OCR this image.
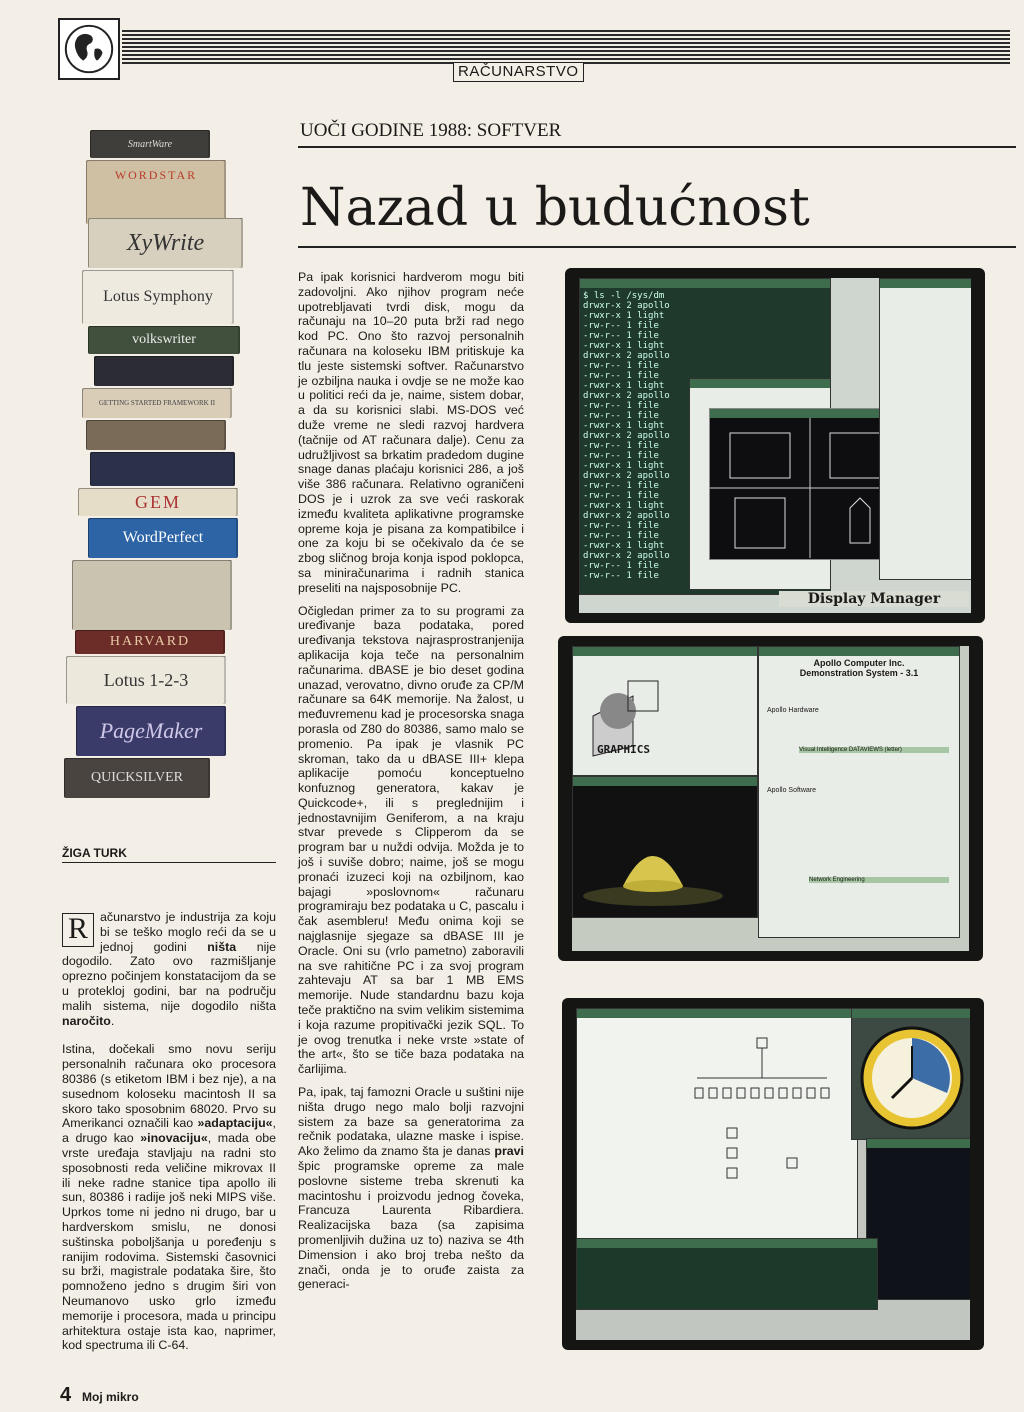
RAČUNARSTVO
UOČI GODINE 1988: SOFTVER
Nazad u budućnost
SmartWare
WORDSTAR
XyWrite
Lotus Symphony
volkswriter
GETTING STARTED FRAMEWORK II
GEM
WordPerfect
HARVARD
Lotus 1-2-3
PageMaker
QUICKSILVER
ŽIGA TURK

R ačunarstvo je industrija za koju bi se teško moglo reći da se u jednoj godini ništa nije dogodilo. Zato ovo razmišljanje oprezno počinjem konstatacijom da se u protekloj godini, bar na području malih sistema, nije dogodilo ništa naročito.

Istina, dočekali smo novu seriju personalnih računara oko procesora 80386 (s etiketom IBM i bez nje), a na susednom koloseku macintosh II sa skoro tako sposobnim 68020. Prvo su Amerikanci označili kao »adaptaciju«, a drugo kao »inovaciju«, mada obe vrste uređaja stavljaju na radni sto sposobnosti reda veličine mikrovax II ili neke radne stanice tipa apollo ili sun, 80386 i radije još neki MIPS više. Uprkos tome ni jedno ni drugo, bar u hardverskom smislu, ne donosi suštinska poboljšanja u poređenju s ranijim rodovima. Sistemski časovnici su brži, magistrale podataka šire, što pomnoženo jedno s drugim širi von Neumanovo usko grlo između memorije i procesora, mada u principu arhitektura ostaje ista kao, naprimer, kod spectruma ili C-64.

Pa ipak korisnici hardverom mogu biti zadovoljni. Ako njihov program neće upotrebljavati tvrdi disk, mogu da računaju na 10–20 puta brži rad nego kod PC. Ono što razvoj personalnih računara na koloseku IBM pritiskuje ka tlu jeste sistemski softver. Računarstvo je ozbiljna nauka i ovdje se ne može kao u politici reći da je, naime, sistem dobar, a da su korisnici slabi. MS-DOS već duže vreme ne sledi razvoj hardvera (tačnije od AT računara dalje). Cenu za udružljivost sa brkatim pradedom dugine snage danas plaćaju korisnici 286, a još više 386 računara. Relativno ograničeni DOS je i uzrok za sve veći raskorak između kvaliteta aplikativne programske opreme koja je pisana za kompatibilce i one za koju bi se očekivalo da će se zbog sličnog broja konja ispod poklopca, sa miniračunarima i radnih stanica preseliti na najsposobnije PC.

Očigledan primer za to su programi za uređivanje baza podataka, pored uređivanja tekstova najrasprostranjenija aplikacija koja teče na personalnim računarima. dBASE je bio deset godina unazad, verovatno, divno oruđe za CP/M računare sa 64K memorije. Na žalost, u međuvremenu kad je procesorska snaga porasla od Z80 do 80386, samo malo se promenio. Pa ipak je vlasnik PC skroman, tako da u dBASE III+ klepa aplikacije pomoću konceptuelno konfuznog generatora, kakav je Quickcode+, ili s preglednijim i jednostavnijim Geniferom, a na kraju stvar prevede s Clipperom da se program bar u nuždi odvija. Možda je to još i suviše dobro; naime, još se mogu pronaći izuzeci koji na ozbiljnom, kao bajagi »poslovnom« računaru programiraju bez podataka u C, pascalu i čak asembleru! Među onima koji se najglasnije sjegaze sa dBASE III je Oracle. Oni su (vrlo pametno) zaboravili na sve rahitične PC i za svoj program zahtevaju AT sa bar 1 MB EMS memorije. Nude standardnu bazu koja teče praktično na svim velikim sistemima i koja razume propitivački jezik SQL. To je ovog trenutka i neke vrste »state of the art«, što se tiče baza podataka na čarlijima.

Pa, ipak, taj famozni Oracle u suštini nije ništa drugo nego malo bolji razvojni sistem za baze sa generatorima za rečnik podataka, ulazne maske i ispise. Ako želimo da znamo šta je danas pravi špic programske opreme za male poslovne sisteme treba skrenuti ka macintoshu i proizvodu jednog čoveka, Francuza Laurenta Ribardiera. Realizacijska baza (sa zapisima promenljivih dužina uz to) naziva se 4th Dimension i ako broj treba nešto da znači, onda je to oruđe zaista za generaci-

$ ls -l /sys/dm
drwxr-x 2 apollo
-rwxr-x 1 light
-rw-r-- 1 file
-rw-r-- 1 file
-rwxr-x 1 light
drwxr-x 2 apollo
-rw-r-- 1 file
-rw-r-- 1 file
-rwxr-x 1 light
drwxr-x 2 apollo
-rw-r-- 1 file
-rw-r-- 1 file
-rwxr-x 1 light
drwxr-x 2 apollo
-rw-r-- 1 file
-rw-r-- 1 file
-rwxr-x 1 light
drwxr-x 2 apollo
-rw-r-- 1 file
-rw-r-- 1 file
-rwxr-x 1 light
drwxr-x 2 apollo
-rw-r-- 1 file
-rw-r-- 1 file
-rwxr-x 1 light
drwxr-x 2 apollo
-rw-r-- 1 file
-rw-r-- 1 file
Display Manager
GRAPHICS
Apollo Computer Inc.
Demonstration System - 3.1
Apollo Hardware
Apollo Software
Visual Intelligence DATAVIEWS (letter)
Network Engineering
4 Moj mikro
